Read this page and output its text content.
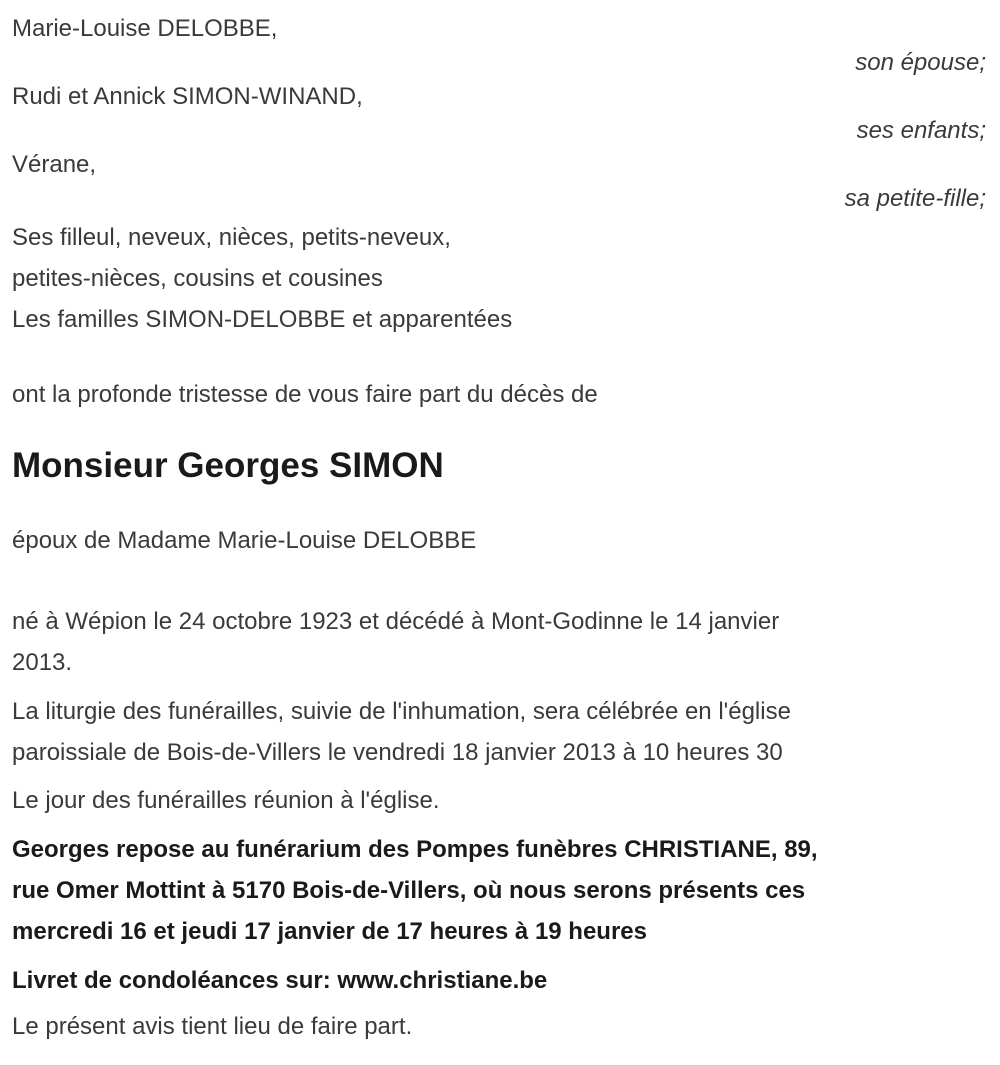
Marie-Louise DELOBBE,
son épouse;
Rudi et Annick SIMON-WINAND,
ses enfants;
Vérane,
sa petite-fille;
Ses filleul, neveux, nièces, petits-neveux,
petites-nièces, cousins et cousines
Les familles SIMON-DELOBBE et apparentées
ont la profonde tristesse de vous faire part du décès de
Monsieur Georges SIMON
époux de Madame Marie-Louise DELOBBE
né à Wépion le 24 octobre 1923 et décédé à Mont-Godinne le 14 janvier
2013.
La liturgie des funérailles, suivie de l'inhumation, sera célébrée en l'église
paroissiale de Bois-de-Villers le vendredi 18 janvier 2013 à 10 heures 30
Le jour des funérailles réunion à l'église.
Georges repose au funérarium des Pompes funèbres CHRISTIANE, 89,
rue Omer Mottint à 5170 Bois-de-Villers, où nous serons présents ces
mercredi 16 et jeudi 17 janvier de 17 heures à 19 heures
Livret de condoléances sur: www.christiane.be
Le présent avis tient lieu de faire part.
